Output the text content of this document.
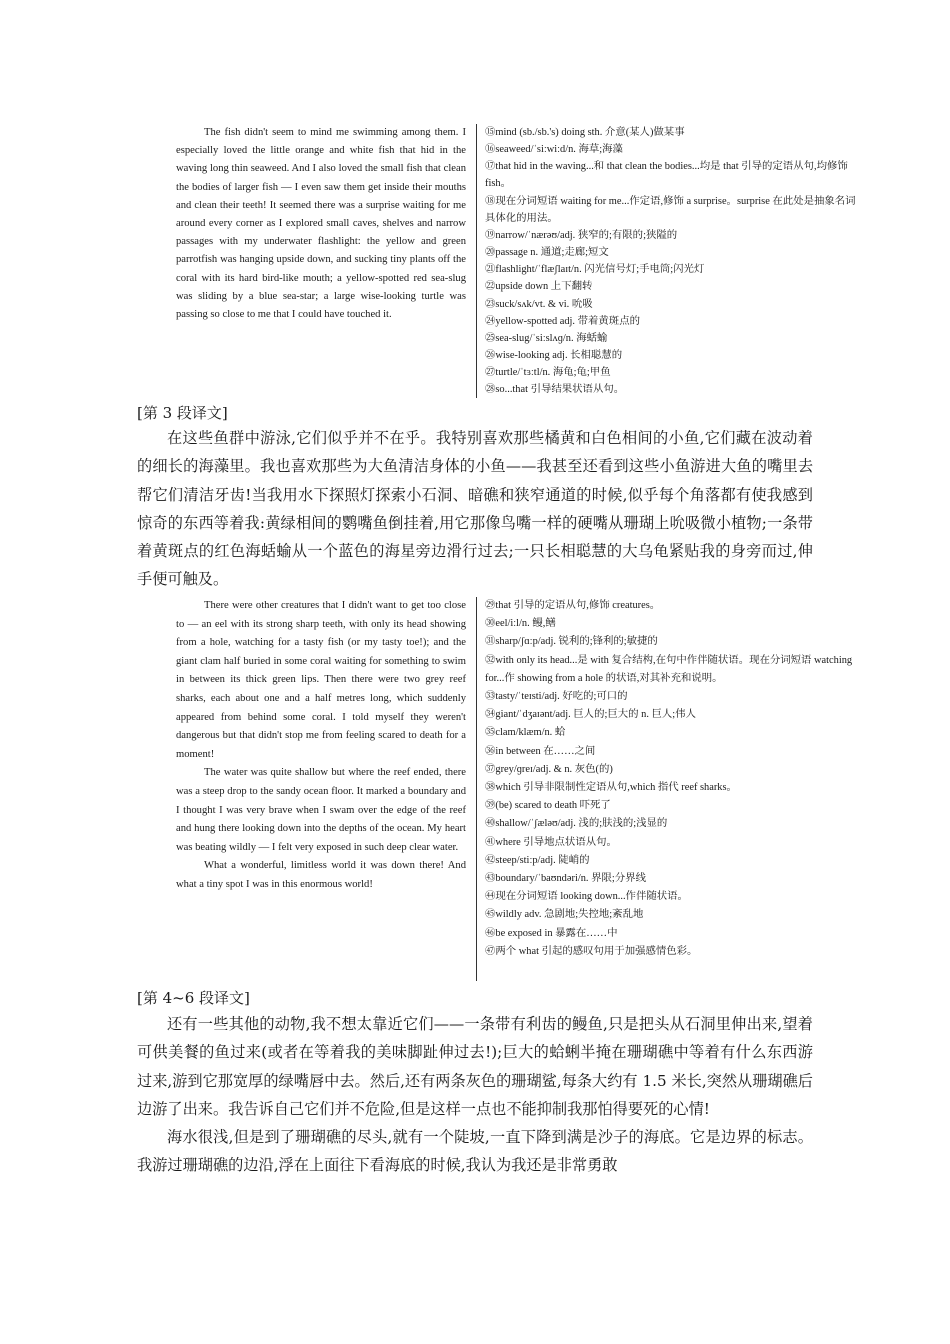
The fish didn't seem to mind me swimming among them. I especially loved the little orange and white fish that hid in the waving long thin seaweed. And I also loved the small fish that clean the bodies of larger fish — I even saw them get inside their mouths and clean their teeth! It seemed there was a surprise waiting for me around every corner as I explored small caves, shelves and narrow passages with my underwater flashlight: the yellow and green parrotfish was hanging upside down, and sucking tiny plants off the coral with its hard bird-like mouth; a yellow-spotted red sea-slug was sliding by a blue sea-star; a large wise-looking turtle was passing so close to me that I could have touched it.

⑮mind (sb./sb.'s) doing sth. 介意(某人)做某事
⑯seaweed/ˈsiːwiːd/n. 海草;海藻
⑰that hid in the waving...和 that clean the bodies...均是 that 引导的定语从句,均修饰 fish。
⑱现在分词短语 waiting for me...作定语,修饰 a surprise。surprise 在此处是抽象名词具体化的用法。
⑲narrow/ˈnærəʊ/adj. 狭窄的;有限的;狭隘的
⑳passage n. 通道;走廊;短文
㉑flashlight/ˈflæʃlaɪt/n. 闪光信号灯;手电筒;闪光灯
㉒upside down 上下翻转
㉓suck/sʌk/vt. & vi. 吮吸
㉔yellow-spotted adj. 带着黄斑点的
㉕sea-slug/ˈsiːslʌɡ/n. 海蛞蝓
㉖wise-looking adj. 长相聪慧的
㉗turtle/ˈtɜːtl/n. 海龟;龟;甲鱼
㉘so...that 引导结果状语从句。
[第 3 段译文]

在这些鱼群中游泳,它们似乎并不在乎。我特别喜欢那些橘黄和白色相间的小鱼,它们藏在波动着的细长的海藻里。我也喜欢那些为大鱼清洁身体的小鱼——我甚至还看到这些小鱼游进大鱼的嘴里去帮它们清洁牙齿!当我用水下探照灯探索小石洞、暗礁和狭窄通道的时候,似乎每个角落都有使我感到惊奇的东西等着我:黄绿相间的鹦嘴鱼倒挂着,用它那像鸟嘴一样的硬嘴从珊瑚上吮吸微小植物;一条带着黄斑点的红色海蛞蝓从一个蓝色的海星旁边滑行过去;一只长相聪慧的大乌龟紧贴我的身旁而过,伸手便可触及。

There were other creatures that I didn't want to get too close to — an eel with its strong sharp teeth, with only its head showing from a hole, watching for a tasty fish (or my tasty toe!); and the giant clam half buried in some coral waiting for something to swim in between its thick green lips. Then there were two grey reef sharks, each about one and a half metres long, which suddenly appeared from behind some coral. I told myself they weren't dangerous but that didn't stop me from feeling scared to death for a moment!

The water was quite shallow but where the reef ended, there was a steep drop to the sandy ocean floor. It marked a boundary and I thought I was very brave when I swam over the edge of the reef and hung there looking down into the depths of the ocean. My heart was beating wildly — I felt very exposed in such deep clear water.

What a wonderful, limitless world it was down there! And what a tiny spot I was in this enormous world!

㉙that 引导的定语从句,修饰 creatures。
㉚eel/iːl/n. 鳗,鳝
㉛sharp/ʃɑːp/adj. 锐利的;锋利的;敏捷的
㉜with only its head...是 with 复合结构,在句中作伴随状语。现在分词短语 watching for...作 showing from a hole 的状语,对其补充和说明。
㉝tasty/ˈteɪsti/adj. 好吃的;可口的
㉞giant/ˈdʒaɪənt/adj. 巨人的;巨大的 n. 巨人;伟人
㉟clam/klæm/n. 蛤
㊱in between 在……之间
㊲grey/ɡreɪ/adj. & n. 灰色(的)
㊳which 引导非限制性定语从句,which 指代 reef sharks。
㊴(be) scared to death 吓死了
㊵shallow/ˈʃæləʊ/adj. 浅的;肤浅的;浅显的
㊶where 引导地点状语从句。
㊷steep/stiːp/adj. 陡峭的
㊸boundary/ˈbaʊndəri/n. 界限;分界线
㊹现在分词短语 looking down...作伴随状语。
㊺wildly adv. 急剧地;失控地;紊乱地
㊻be exposed in 暴露在……中
㊼两个 what 引起的感叹句用于加强感情色彩。
[第 4~6 段译文]

还有一些其他的动物,我不想太靠近它们——一条带有利齿的鳗鱼,只是把头从石洞里伸出来,望着可供美餐的鱼过来(或者在等着我的美味脚趾伸过去!);巨大的蛤蜊半掩在珊瑚礁中等着有什么东西游过来,游到它那宽厚的绿嘴唇中去。然后,还有两条灰色的珊瑚鲨,每条大约有 1.5 米长,突然从珊瑚礁后边游了出来。我告诉自己它们并不危险,但是这样一点也不能抑制我那怕得要死的心情!

海水很浅,但是到了珊瑚礁的尽头,就有一个陡坡,一直下降到满是沙子的海底。它是边界的标志。我游过珊瑚礁的边沿,浮在上面往下看海底的时候,我认为我还是非常勇敢
